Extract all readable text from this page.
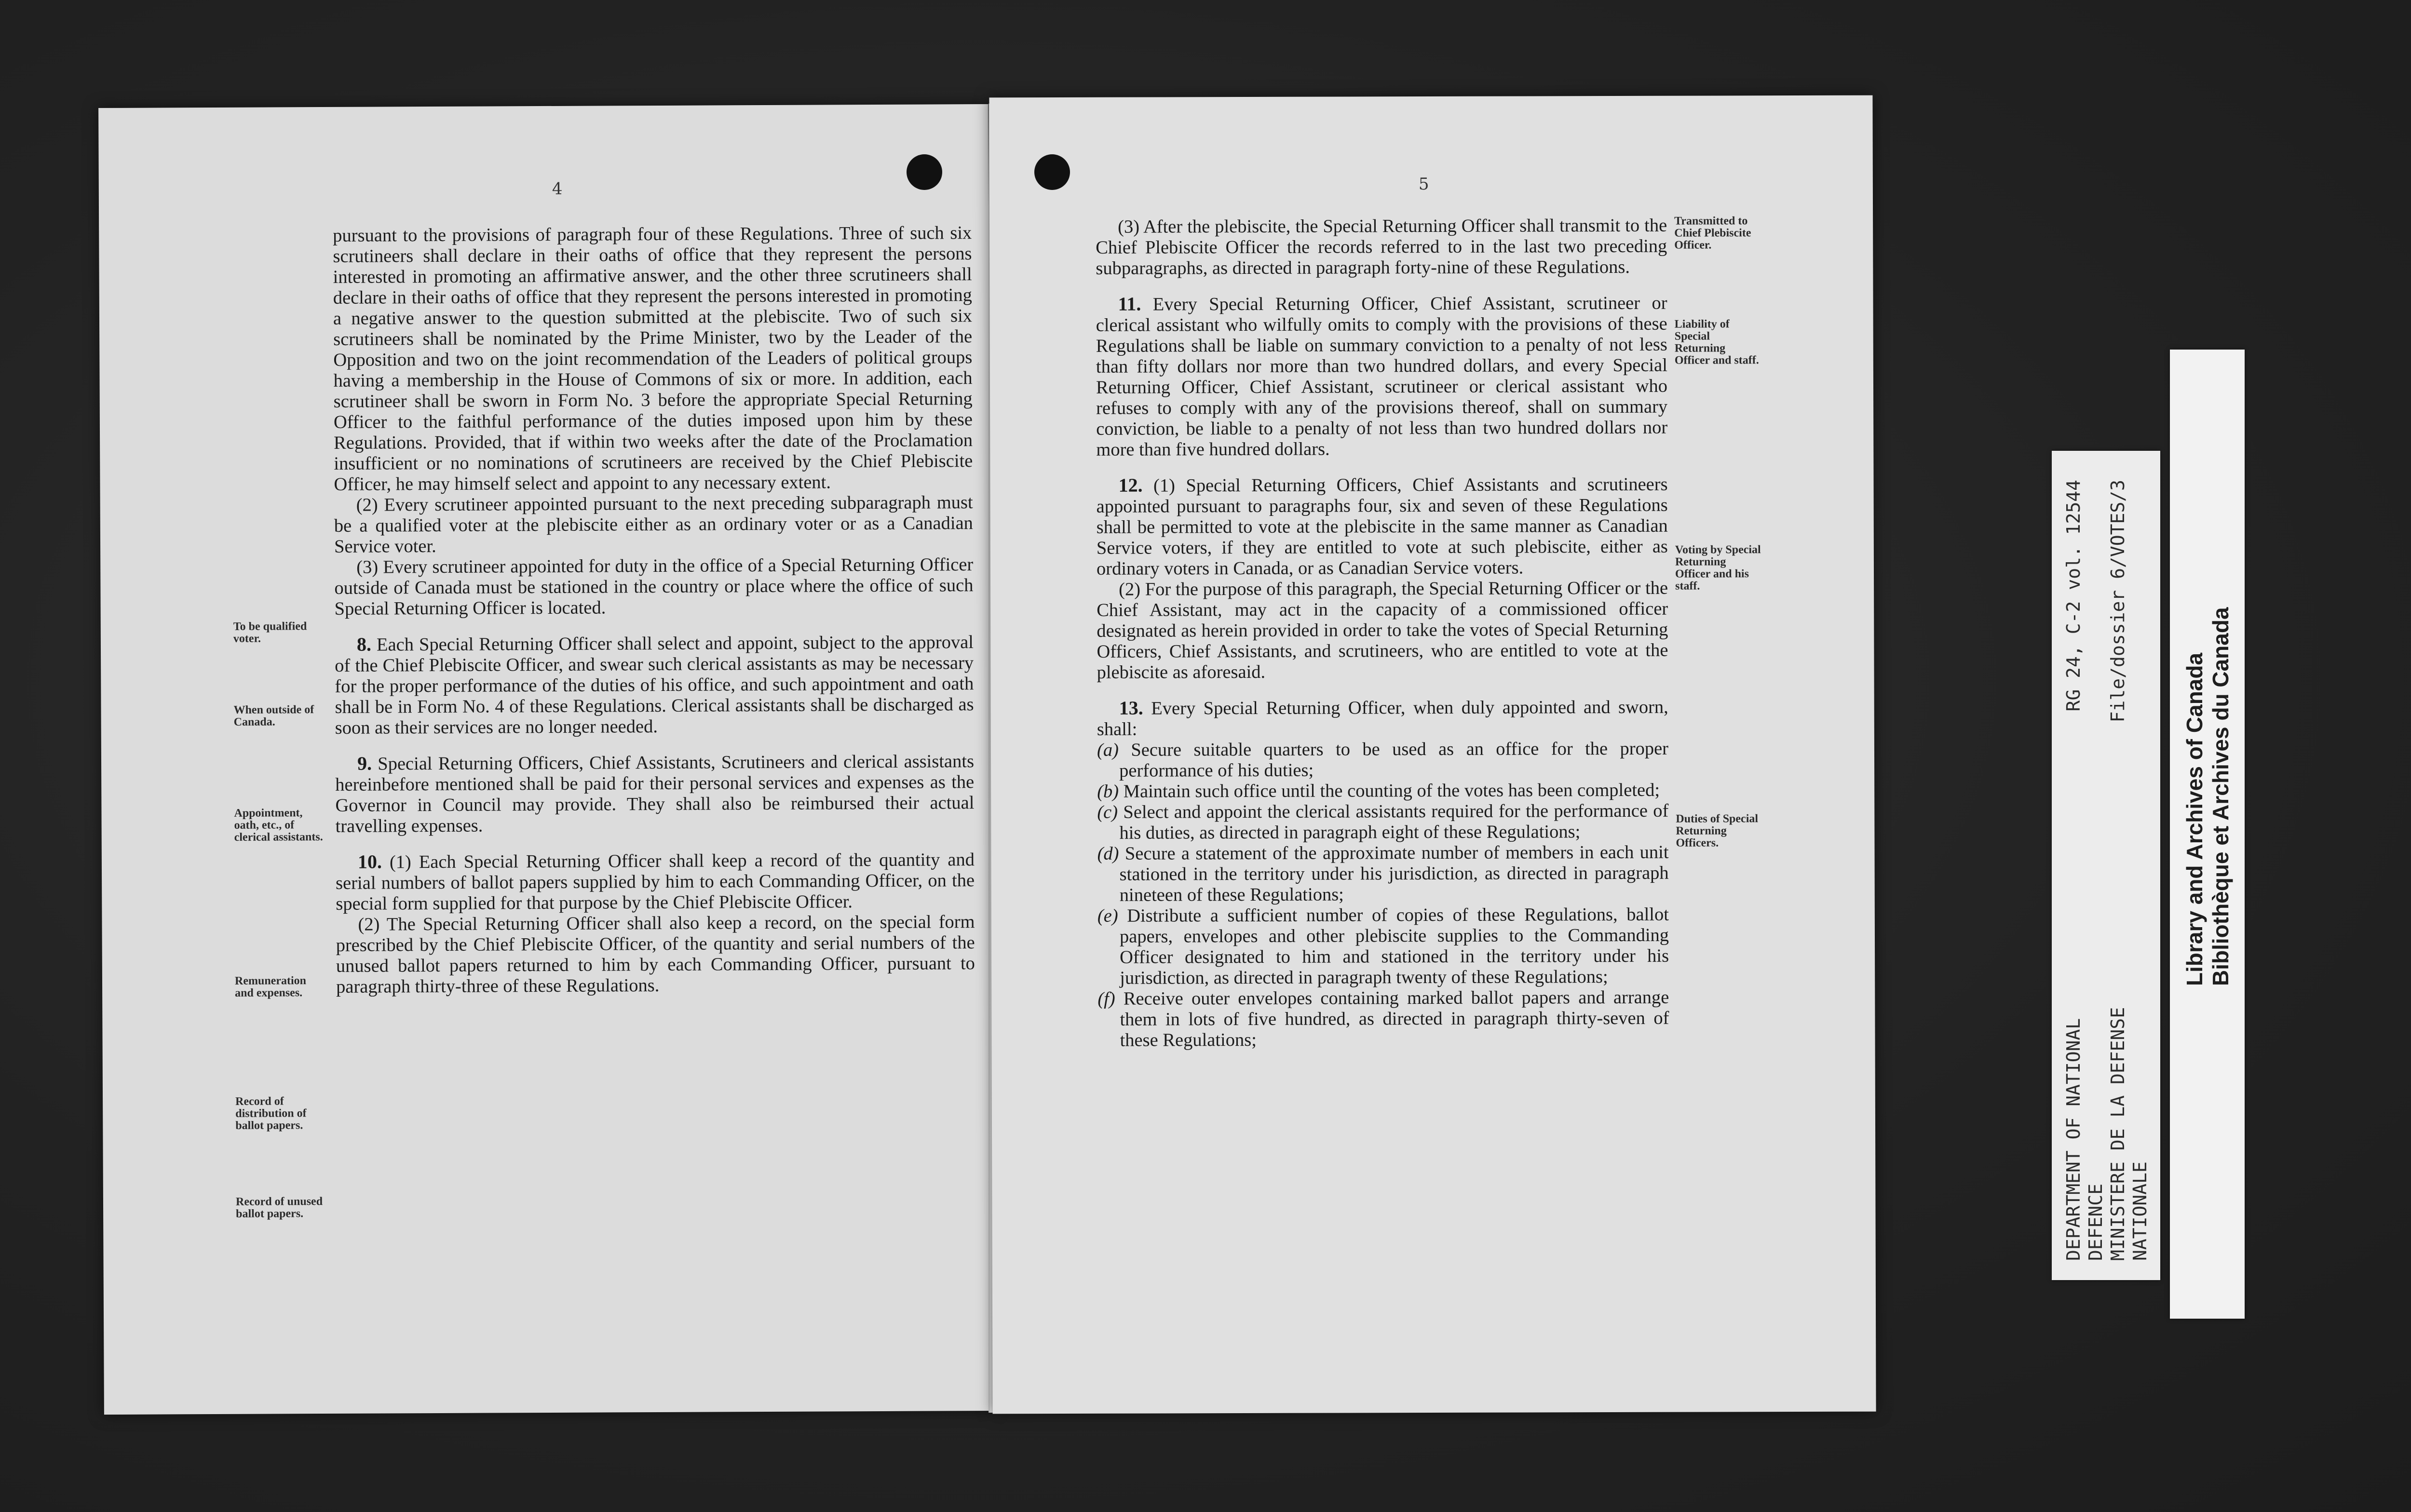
4

pursuant to the provisions of paragraph four of these Regulations. Three of such six scrutineers shall declare in their oaths of office that they represent the persons interested in promoting an affirmative answer, and the other three scrutineers shall declare in their oaths of office that they represent the persons interested in promoting a negative answer to the question submitted at the plebiscite. Two of such six scrutineers shall be nominated by the Prime Minister, two by the Leader of the Opposition and two on the joint recommendation of the Leaders of political groups having a membership in the House of Commons of six or more. In addition, each scrutineer shall be sworn in Form No. 3 before the appropriate Special Returning Officer to the faithful performance of the duties imposed upon him by these Regulations. Provided, that if within two weeks after the date of the Proclamation insufficient or no nominations of scrutineers are received by the Chief Plebiscite Officer, he may himself select and appoint to any necessary extent.

(2) Every scrutineer appointed pursuant to the next preceding subparagraph must be a qualified voter at the plebiscite either as an ordinary voter or as a Canadian Service voter.

(3) Every scrutineer appointed for duty in the office of a Special Returning Officer outside of Canada must be stationed in the country or place where the office of such Special Returning Officer is located.

8. Each Special Returning Officer shall select and appoint, subject to the approval of the Chief Plebiscite Officer, and swear such clerical assistants as may be necessary for the proper performance of the duties of his office, and such appointment and oath shall be in Form No. 4 of these Regulations. Clerical assistants shall be discharged as soon as their services are no longer needed.

9. Special Returning Officers, Chief Assistants, Scrutineers and clerical assistants hereinbefore mentioned shall be paid for their personal services and expenses as the Governor in Council may provide. They shall also be reimbursed their actual travelling expenses.

10. (1) Each Special Returning Officer shall keep a record of the quantity and serial numbers of ballot papers supplied by him to each Commanding Officer, on the special form supplied for that purpose by the Chief Plebiscite Officer.

(2) The Special Returning Officer shall also keep a record, on the special form prescribed by the Chief Plebiscite Officer, of the quantity and serial numbers of the unused ballot papers returned to him by each Commanding Officer, pursuant to paragraph thirty-three of these Regulations.

To be qualified voter.
When outside of Canada.
Appointment, oath, etc., of clerical assistants.
Remuneration and expenses.
Record of distribution of ballot papers.
Record of unused ballot papers.
5

(3) After the plebiscite, the Special Returning Officer shall transmit to the Chief Plebiscite Officer the records referred to in the last two preceding subparagraphs, as directed in paragraph forty-nine of these Regulations.

11. Every Special Returning Officer, Chief Assistant, scrutineer or clerical assistant who wilfully omits to comply with the provisions of these Regulations shall be liable on summary conviction to a penalty of not less than fifty dollars nor more than two hundred dollars, and every Special Returning Officer, Chief Assistant, scrutineer or clerical assistant who refuses to comply with any of the provisions thereof, shall on summary conviction, be liable to a penalty of not less than two hundred dollars nor more than five hundred dollars.

12. (1) Special Returning Officers, Chief Assistants and scrutineers appointed pursuant to paragraphs four, six and seven of these Regulations shall be permitted to vote at the plebiscite in the same manner as Canadian Service voters, if they are entitled to vote at such plebiscite, either as ordinary voters in Canada, or as Canadian Service voters.

(2) For the purpose of this paragraph, the Special Returning Officer or the Chief Assistant, may act in the capacity of a commissioned officer designated as herein provided in order to take the votes of Special Returning Officers, Chief Assistants, and scrutineers, who are entitled to vote at the plebiscite as aforesaid.

13. Every Special Returning Officer, when duly appointed and sworn, shall:

(a) Secure suitable quarters to be used as an office for the proper performance of his duties;

(b) Maintain such office until the counting of the votes has been completed;

(c) Select and appoint the clerical assistants required for the performance of his duties, as directed in paragraph eight of these Regulations;

(d) Secure a statement of the approximate number of members in each unit stationed in the territory under his jurisdiction, as directed in paragraph nineteen of these Regulations;

(e) Distribute a sufficient number of copies of these Regulations, ballot papers, envelopes and other plebiscite supplies to the Commanding Officer designated to him and stationed in the territory under his jurisdiction, as directed in paragraph twenty of these Regulations;

(f) Receive outer envelopes containing marked ballot papers and arrange them in lots of five hundred, as directed in paragraph thirty-seven of these Regulations;

Transmitted to Chief Plebiscite Officer.
Liability of Special Returning Officer and staff.
Voting by Special Returning Officer and his staff.
Duties of Special Returning Officers.
DEPARTMENT OF NATIONAL
RG 24, C-2 vol. 12544
DEFENCE MINISTERE DE LA DEFENSE
File/dossier 6/VOTES/3
NATIONALE
Library and Archives of Canada Bibliothèque et Archives du Canada
